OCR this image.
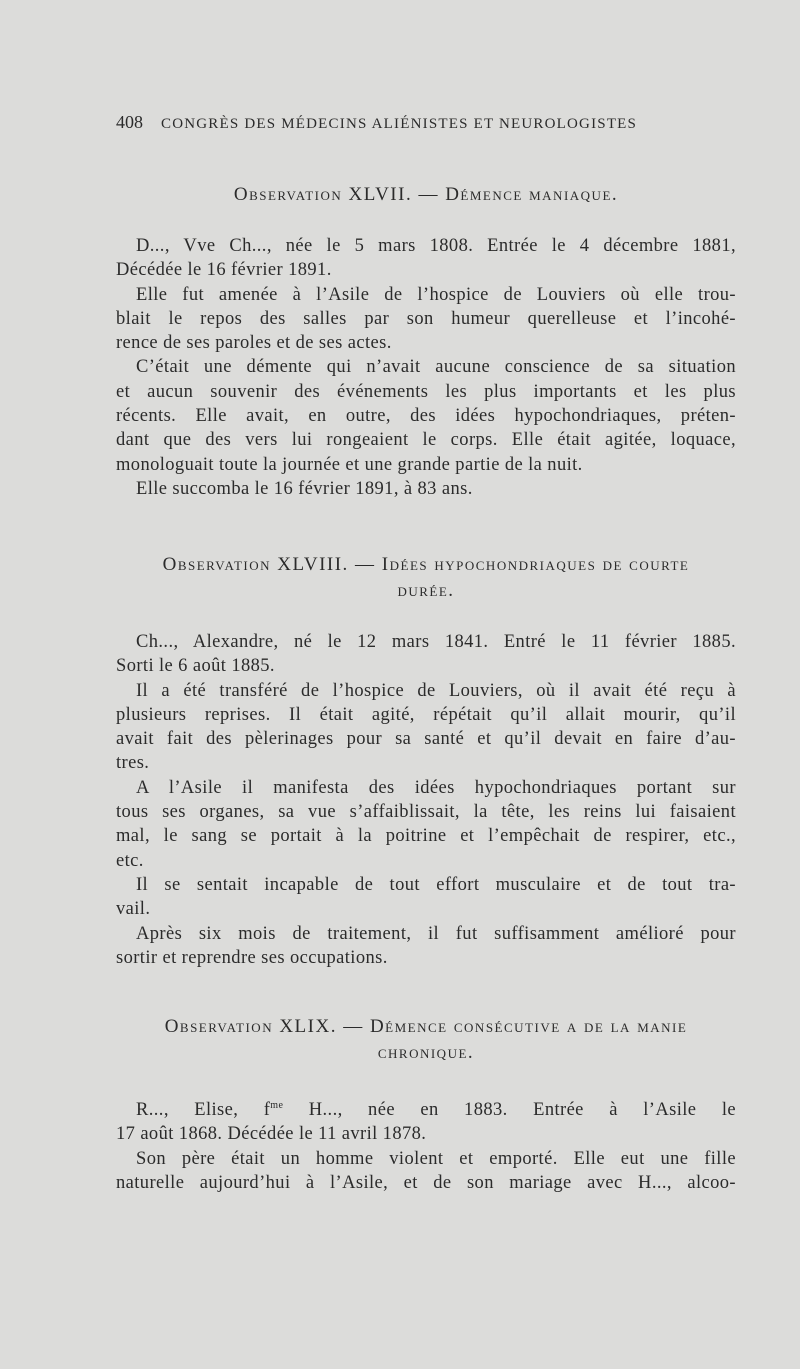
408 CONGRÈS DES MÉDECINS ALIÉNISTES ET NEUROLOGISTES
Observation XLVII. — Démence maniaque.

D..., Vve Ch..., née le 5 mars 1808. Entrée le 4 décembre 1881,
Décédée le 16 février 1891.

Elle fut amenée à l’Asile de l’hospice de Louviers où elle trou-
blait le repos des salles par son humeur querelleuse et l’incohé-
rence de ses paroles et de ses actes.

C’était une démente qui n’avait aucune conscience de sa situation
et aucun souvenir des événements les plus importants et les plus
récents. Elle avait, en outre, des idées hypochondriaques, préten-
dant que des vers lui rongeaient le corps. Elle était agitée, loquace,
monologuait toute la journée et une grande partie de la nuit.

Elle succomba le 16 février 1891, à 83 ans.

Observation XLVIII. — Idées hypochondriaques de courte
durée.

Ch..., Alexandre, né le 12 mars 1841. Entré le 11 février 1885.
Sorti le 6 août 1885.

Il a été transféré de l’hospice de Louviers, où il avait été reçu à
plusieurs reprises. Il était agité, répétait qu’il allait mourir, qu’il
avait fait des pèlerinages pour sa santé et qu’il devait en faire d’au-
tres.

A l’Asile il manifesta des idées hypochondriaques portant sur
tous ses organes, sa vue s’affaiblissait, la tête, les reins lui faisaient
mal, le sang se portait à la poitrine et l’empêchait de respirer, etc.,
etc.

Il se sentait incapable de tout effort musculaire et de tout tra-
vail.

Après six mois de traitement, il fut suffisamment amélioré pour
sortir et reprendre ses occupations.

Observation XLIX. — Démence consécutive a de la manie
chronique.

R..., Elise, $f^{me}$ H..., née en 1883. Entrée à l’Asile le
17 août 1868. Décédée le 11 avril 1878.

Son père était un homme violent et emporté. Elle eut une fille
naturelle aujourd’hui à l’Asile, et de son mariage avec H..., alcoo-
